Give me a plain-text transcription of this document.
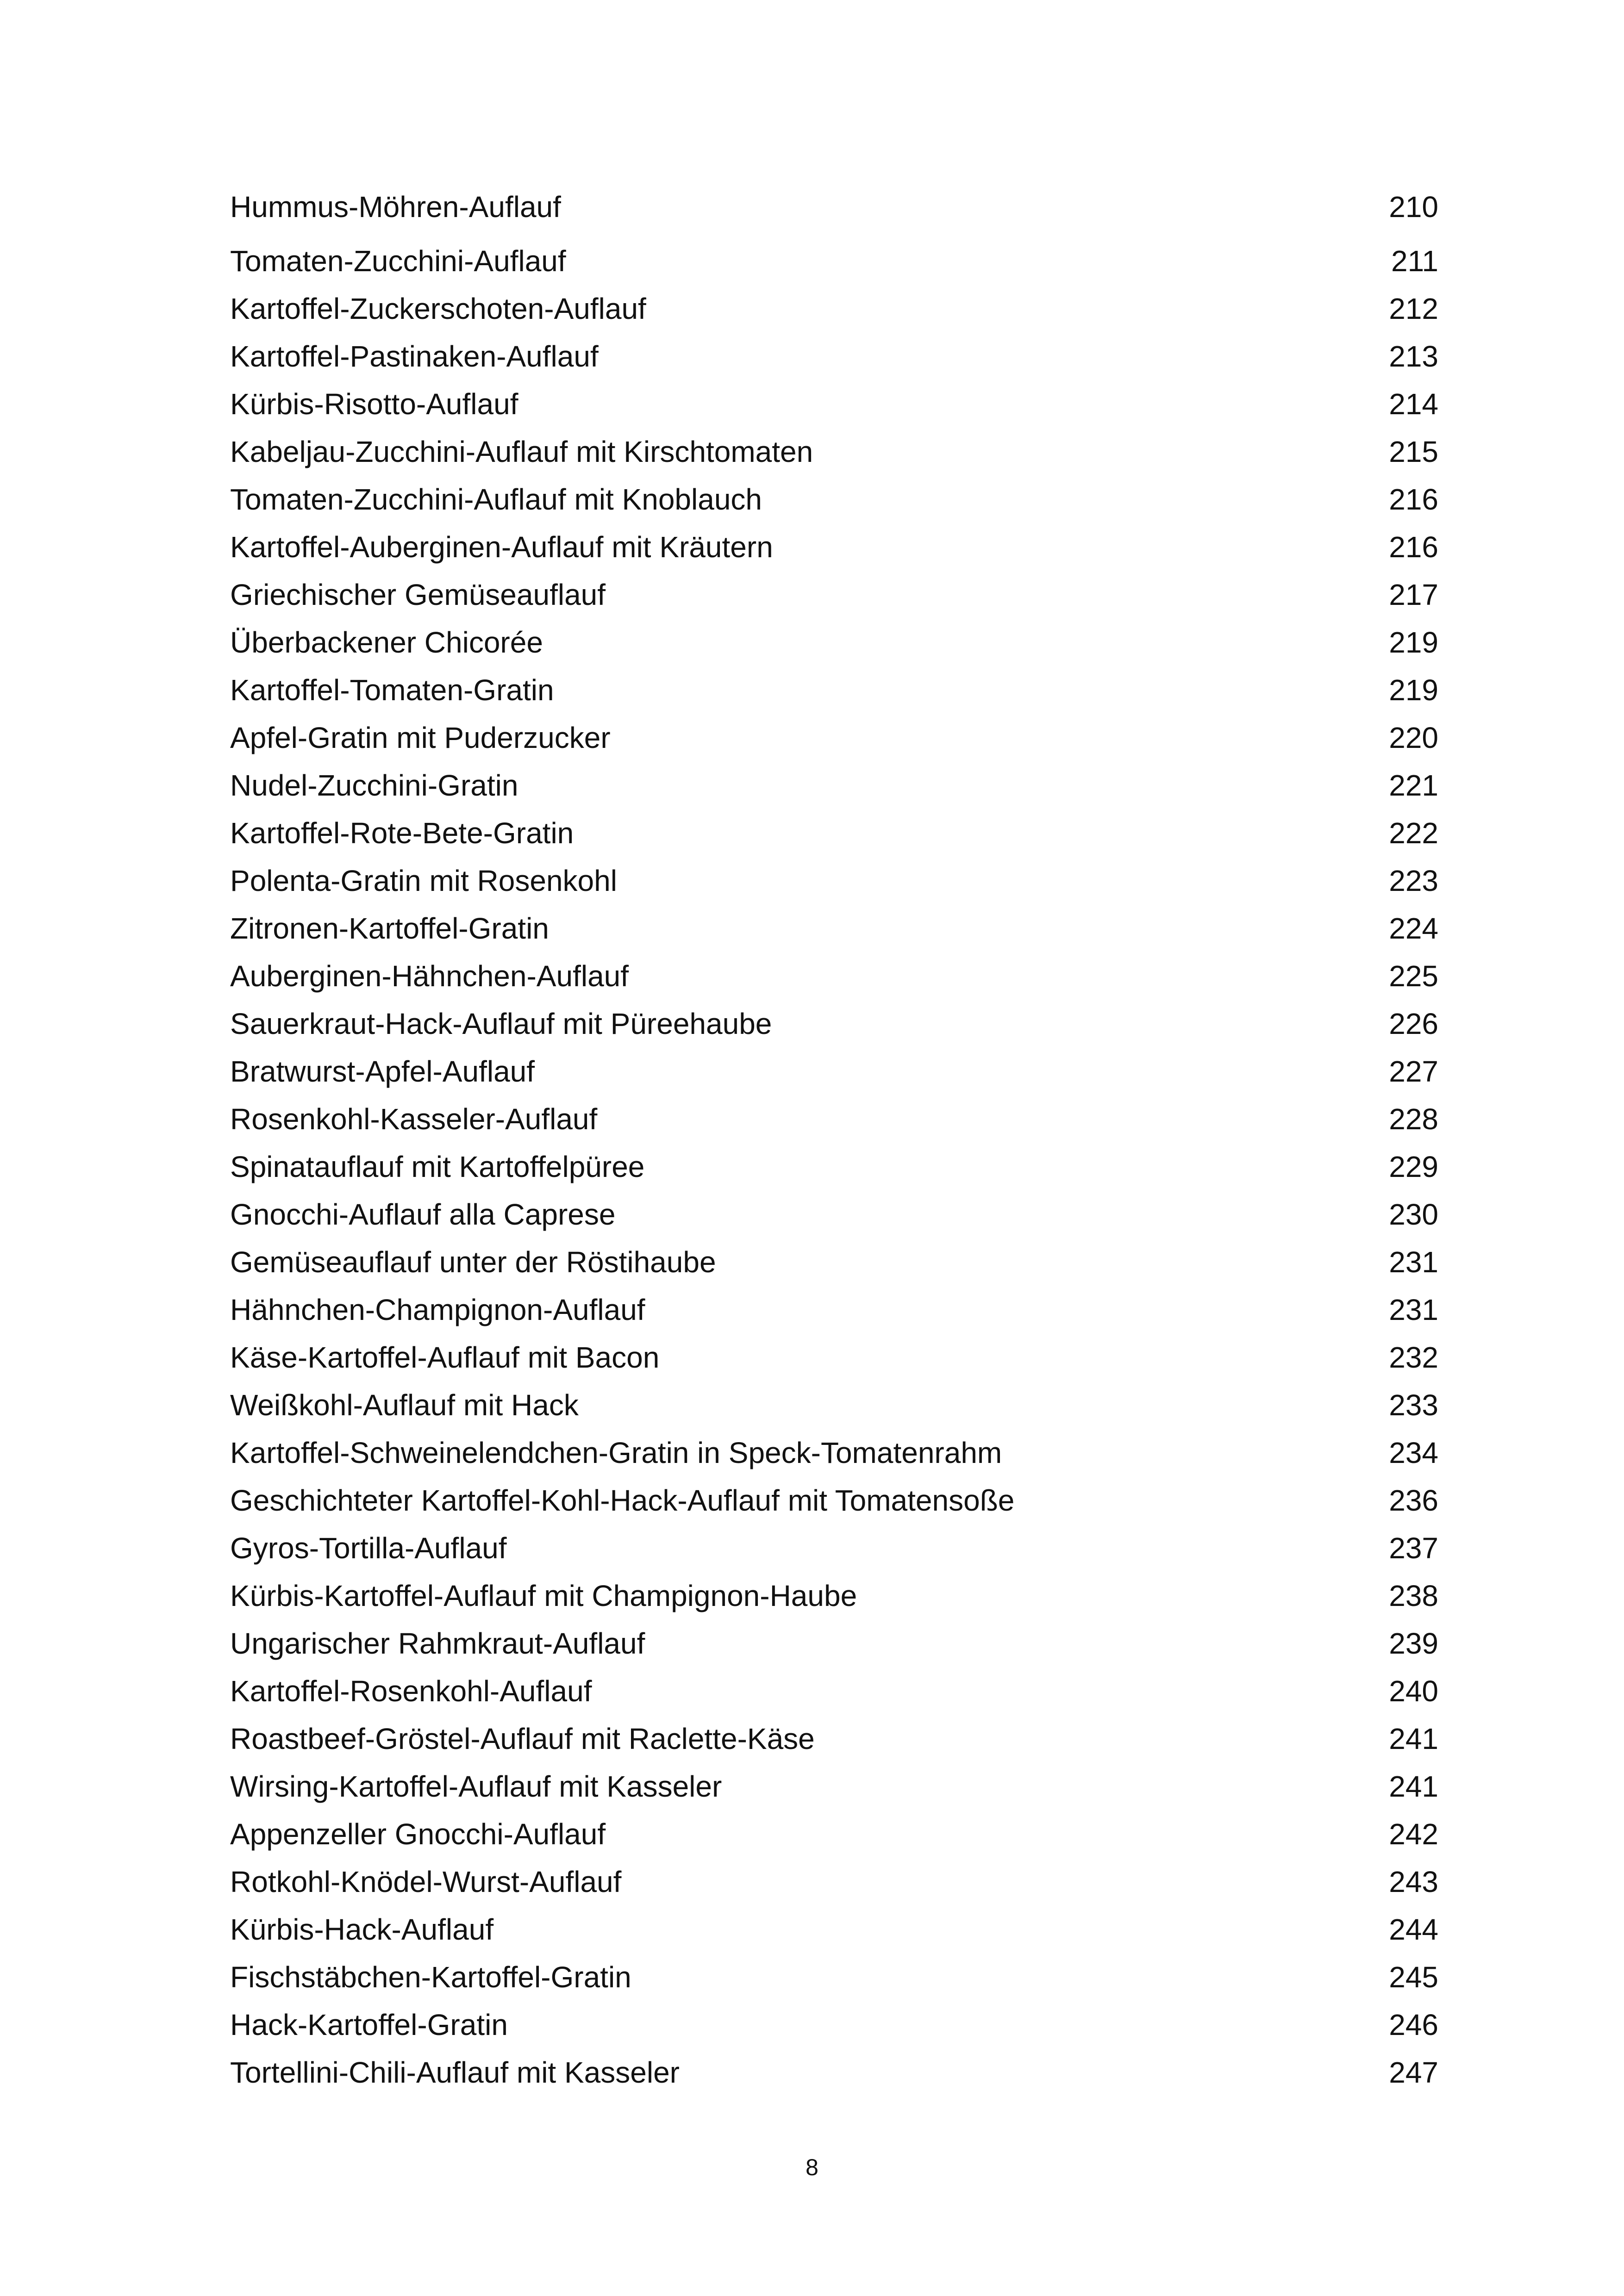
Hummus-Möhren-Auflauf	210
Tomaten-Zucchini-Auflauf	211
Kartoffel-Zuckerschoten-Auflauf	212
Kartoffel-Pastinaken-Auflauf	213
Kürbis-Risotto-Auflauf	214
Kabeljau-Zucchini-Auflauf mit Kirschtomaten	215
Tomaten-Zucchini-Auflauf mit Knoblauch	216
Kartoffel-Auberginen-Auflauf mit Kräutern	216
Griechischer Gemüseauflauf	217
Überbackener Chicorée	219
Kartoffel-Tomaten-Gratin	219
Apfel-Gratin mit Puderzucker	220
Nudel-Zucchini-Gratin	221
Kartoffel-Rote-Bete-Gratin	222
Polenta-Gratin mit Rosenkohl	223
Zitronen-Kartoffel-Gratin	224
Auberginen-Hähnchen-Auflauf	225
Sauerkraut-Hack-Auflauf mit Püreehaube	226
Bratwurst-Apfel-Auflauf	227
Rosenkohl-Kasseler-Auflauf	228
Spinatauflauf mit Kartoffelpüree	229
Gnocchi-Auflauf alla Caprese	230
Gemüseauflauf unter der Röstihaube	231
Hähnchen-Champignon-Auflauf	231
Käse-Kartoffel-Auflauf mit Bacon	232
Weißkohl-Auflauf mit Hack	233
Kartoffel-Schweinelendchen-Gratin in Speck-Tomatenrahm	234
Geschichteter Kartoffel-Kohl-Hack-Auflauf mit Tomatensoße	236
Gyros-Tortilla-Auflauf	237
Kürbis-Kartoffel-Auflauf mit Champignon-Haube	238
Ungarischer Rahmkraut-Auflauf	239
Kartoffel-Rosenkohl-Auflauf	240
Roastbeef-Gröstel-Auflauf mit Raclette-Käse	241
Wirsing-Kartoffel-Auflauf mit Kasseler	241
Appenzeller Gnocchi-Auflauf	242
Rotkohl-Knödel-Wurst-Auflauf	243
Kürbis-Hack-Auflauf	244
Fischstäbchen-Kartoffel-Gratin	245
Hack-Kartoffel-Gratin	246
Tortellini-Chili-Auflauf mit Kasseler	247
8
